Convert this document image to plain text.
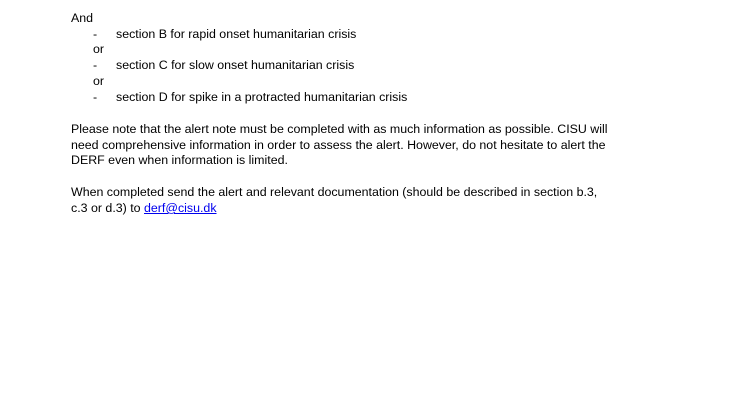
And
- section B for rapid onset humanitarian crisis
or
- section C for slow onset humanitarian crisis
or
- section D for spike in a protracted humanitarian crisis
Please note that the alert note must be completed with as much information as possible. CISU will
need comprehensive information in order to assess the alert. However, do not hesitate to alert the
DERF even when information is limited.
When completed send the alert and relevant documentation (should be described in section b.3,
c.3 or d.3) to derf@cisu.dk
